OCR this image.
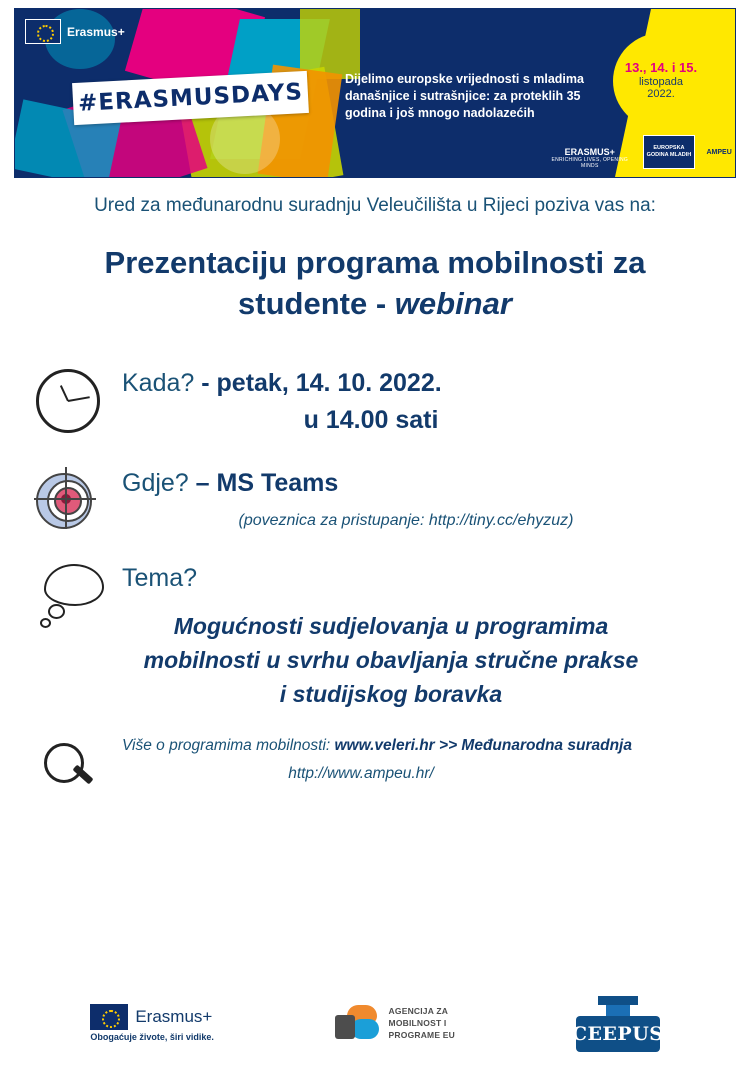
Erasmus+
#ERASMUSDAYS
Dijelimo europske vrijednosti s mladima današnjice i sutrašnjice: za proteklih 35 godina i još mnogo nadolazećih
13., 14. i 15.
listopada
2022.
ERASMUS+
ENRICHING LIVES, OPENING MINDS
EUROPSKA GODINA MLADIH	AMPEU
Ured za međunarodnu suradnju Veleučilišta u Rijeci poziva vas na:
Prezentaciju programa mobilnosti za
studente - webinar
Kada? - petak, 14. 10. 2022.
u 14.00 sati
Gdje? – MS Teams
(poveznica za pristupanje: http://tiny.cc/ehyzuz)
Tema?
Mogućnosti sudjelovanja u programima
mobilnosti u svrhu obavljanja stručne prakse
i studijskog boravka
Više o programima mobilnosti: www.veleri.hr >> Međunarodna suradnja
http://www.ampeu.hr/
Erasmus+
Obogaćuje živote, širi vidike.
AGENCIJA ZA
MOBILNOST I
PROGRAME EU	CEEPUS
